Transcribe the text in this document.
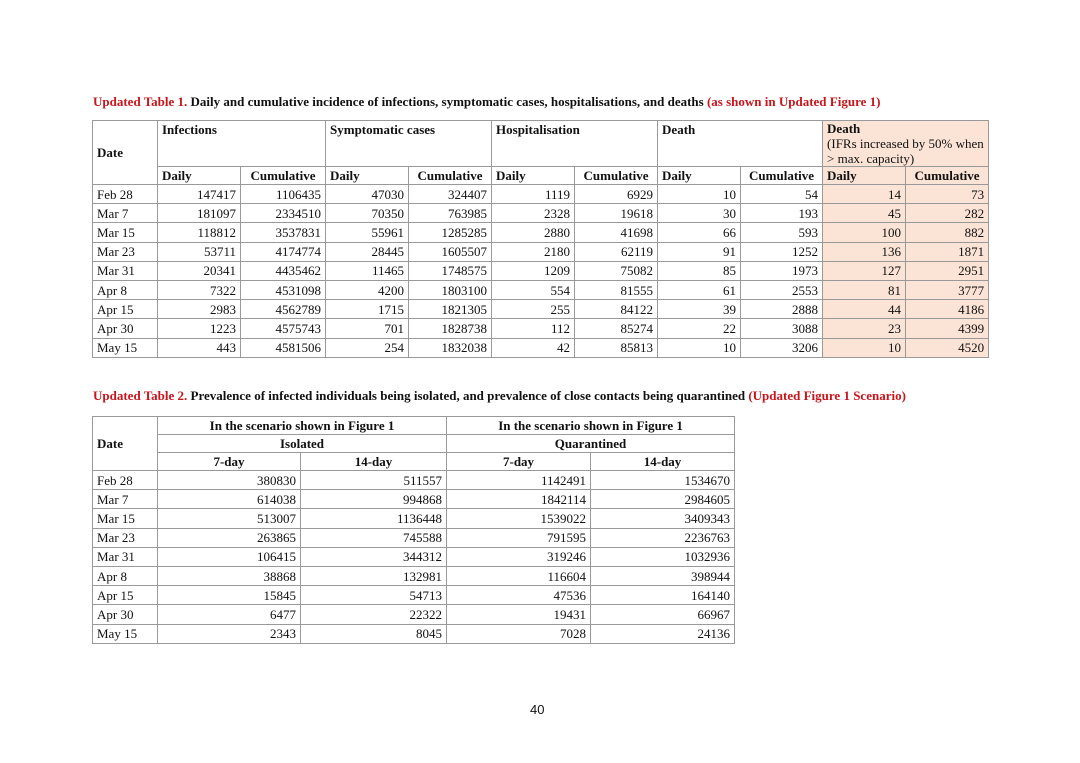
Updated Table 1. Daily and cumulative incidence of infections, symptomatic cases, hospitalisations, and deaths (as shown in Updated Figure 1)
Date	Infections		Symptomatic cases		Hospitalisation		Death		Death
(IFRs increased by 50% when > max. capacity)	
	Daily	Cumulative	Daily	Cumulative	Daily	Cumulative	Daily	Cumulative	Daily	Cumulative
Feb 28	147417	1106435	47030	324407	1119	6929	10	54	14	73
Mar 7	181097	2334510	70350	763985	2328	19618	30	193	45	282
Mar 15	118812	3537831	55961	1285285	2880	41698	66	593	100	882
Mar 23	53711	4174774	28445	1605507	2180	62119	91	1252	136	1871
Mar 31	20341	4435462	11465	1748575	1209	75082	85	1973	127	2951
Apr 8	7322	4531098	4200	1803100	554	81555	61	2553	81	3777
Apr 15	2983	4562789	1715	1821305	255	84122	39	2888	44	4186
Apr 30	1223	4575743	701	1828738	112	85274	22	3088	23	4399
May 15	443	4581506	254	1832038	42	85813	10	3206	10	4520
Updated Table 2. Prevalence of infected individuals being isolated, and prevalence of close contacts being quarantined (Updated Figure 1 Scenario)
Date	In the scenario shown in Figure 1		In the scenario shown in Figure 1	
	Isolated		Quarantined	
	7-day	14-day	7-day	14-day
Feb 28	380830	511557	1142491	1534670
Mar 7	614038	994868	1842114	2984605
Mar 15	513007	1136448	1539022	3409343
Mar 23	263865	745588	791595	2236763
Mar 31	106415	344312	319246	1032936
Apr 8	38868	132981	116604	398944
Apr 15	15845	54713	47536	164140
Apr 30	6477	22322	19431	66967
May 15	2343	8045	7028	24136
40
